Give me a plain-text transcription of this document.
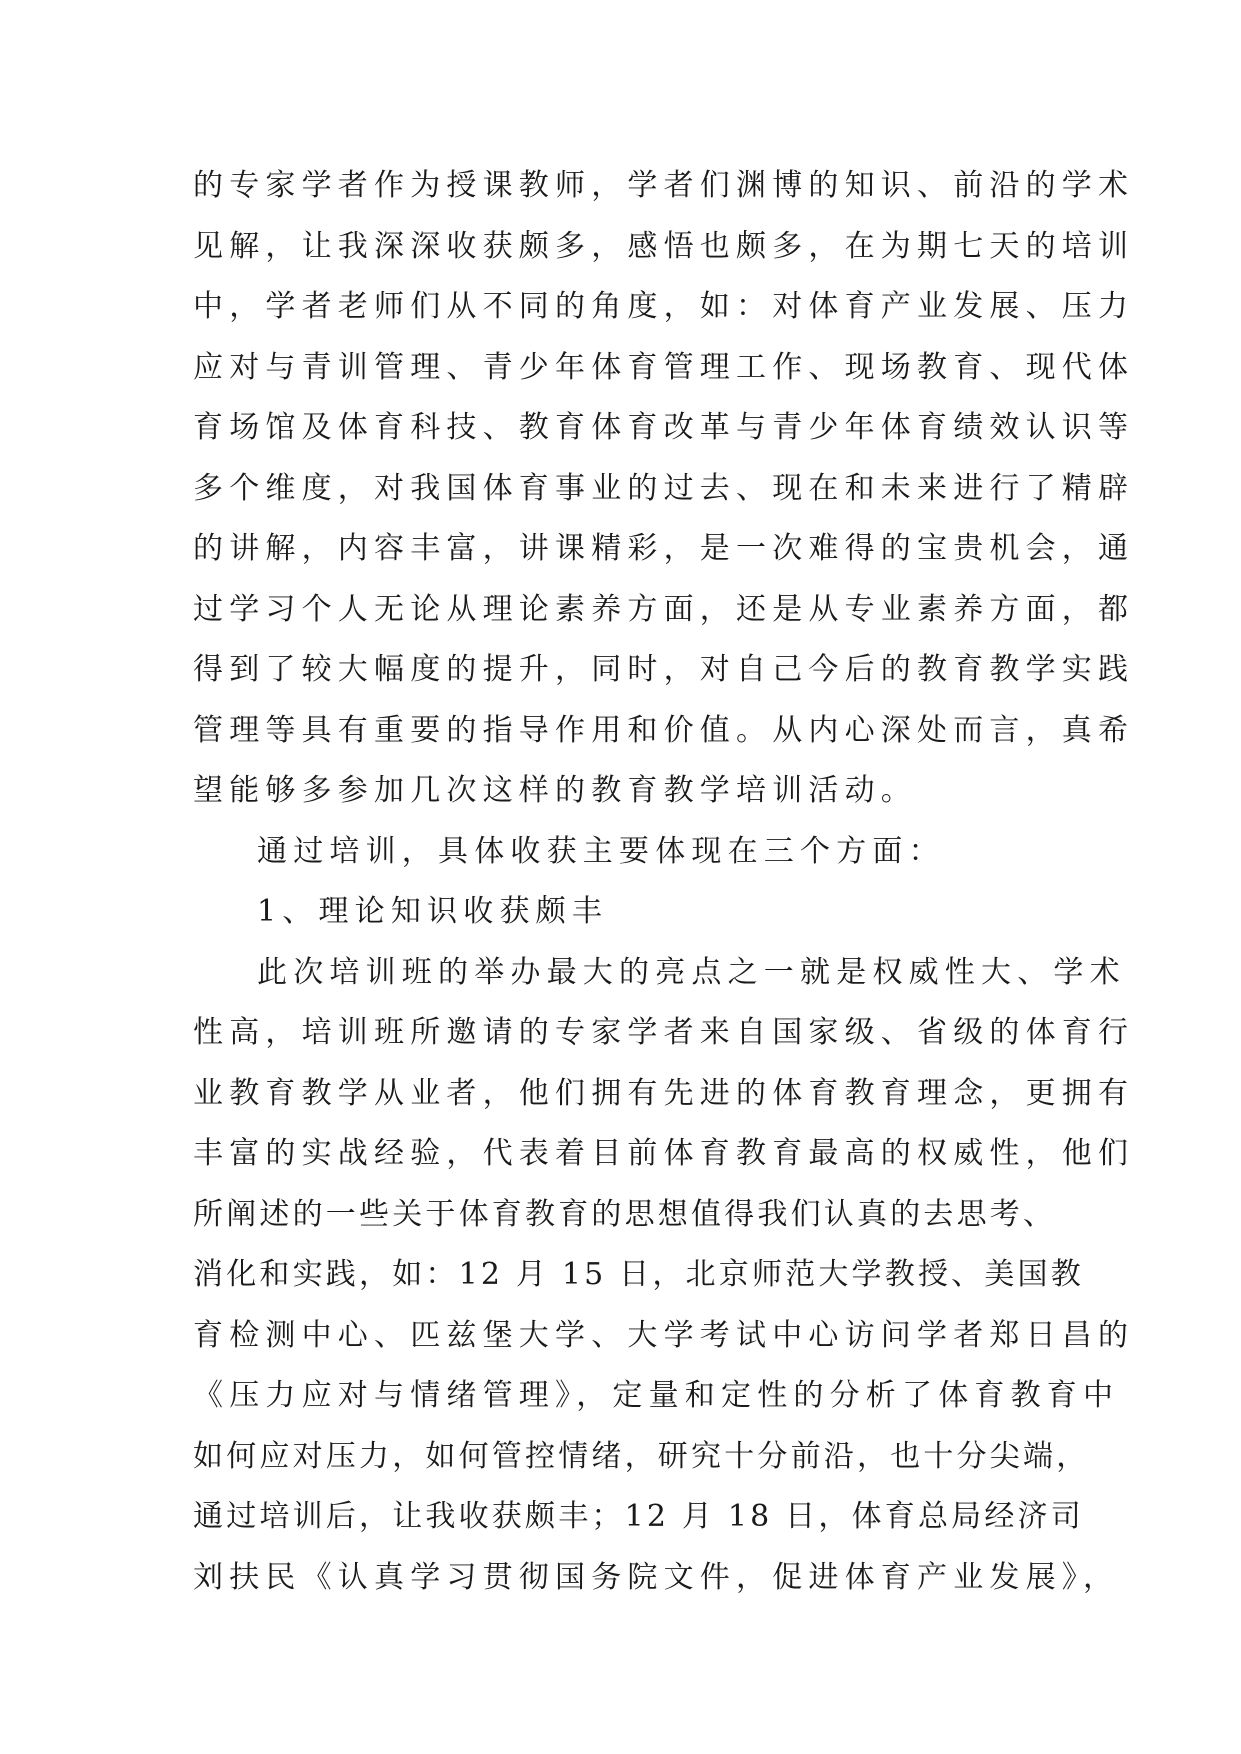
的专家学者作为授课教师，学者们渊博的知识、前沿的学术
见解，让我深深收获颇多，感悟也颇多，在为期七天的培训
中，学者老师们从不同的角度，如：对体育产业发展、压力
应对与青训管理、青少年体育管理工作、现场教育、现代体
育场馆及体育科技、教育体育改革与青少年体育绩效认识等
多个维度，对我国体育事业的过去、现在和未来进行了精辟
的讲解，内容丰富，讲课精彩，是一次难得的宝贵机会，通
过学习个人无论从理论素养方面，还是从专业素养方面，都
得到了较大幅度的提升，同时，对自己今后的教育教学实践
管理等具有重要的指导作用和价值。从内心深处而言，真希
望能够多参加几次这样的教育教学培训活动。
通过培训，具体收获主要体现在三个方面：
1、理论知识收获颇丰
此次培训班的举办最大的亮点之一就是权威性大、学术
性高，培训班所邀请的专家学者来自国家级、省级的体育行
业教育教学从业者，他们拥有先进的体育教育理念，更拥有
丰富的实战经验，代表着目前体育教育最高的权威性，他们
所阐述的一些关于体育教育的思想值得我们认真的去思考、
消化和实践，如：12 月 15 日，北京师范大学教授、美国教
育检测中心、匹兹堡大学、大学考试中心访问学者郑日昌的
《压力应对与情绪管理》，定量和定性的分析了体育教育中
如何应对压力，如何管控情绪，研究十分前沿，也十分尖端，
通过培训后，让我收获颇丰；12 月 18 日，体育总局经济司
刘扶民《认真学习贯彻国务院文件，促进体育产业发展》，
